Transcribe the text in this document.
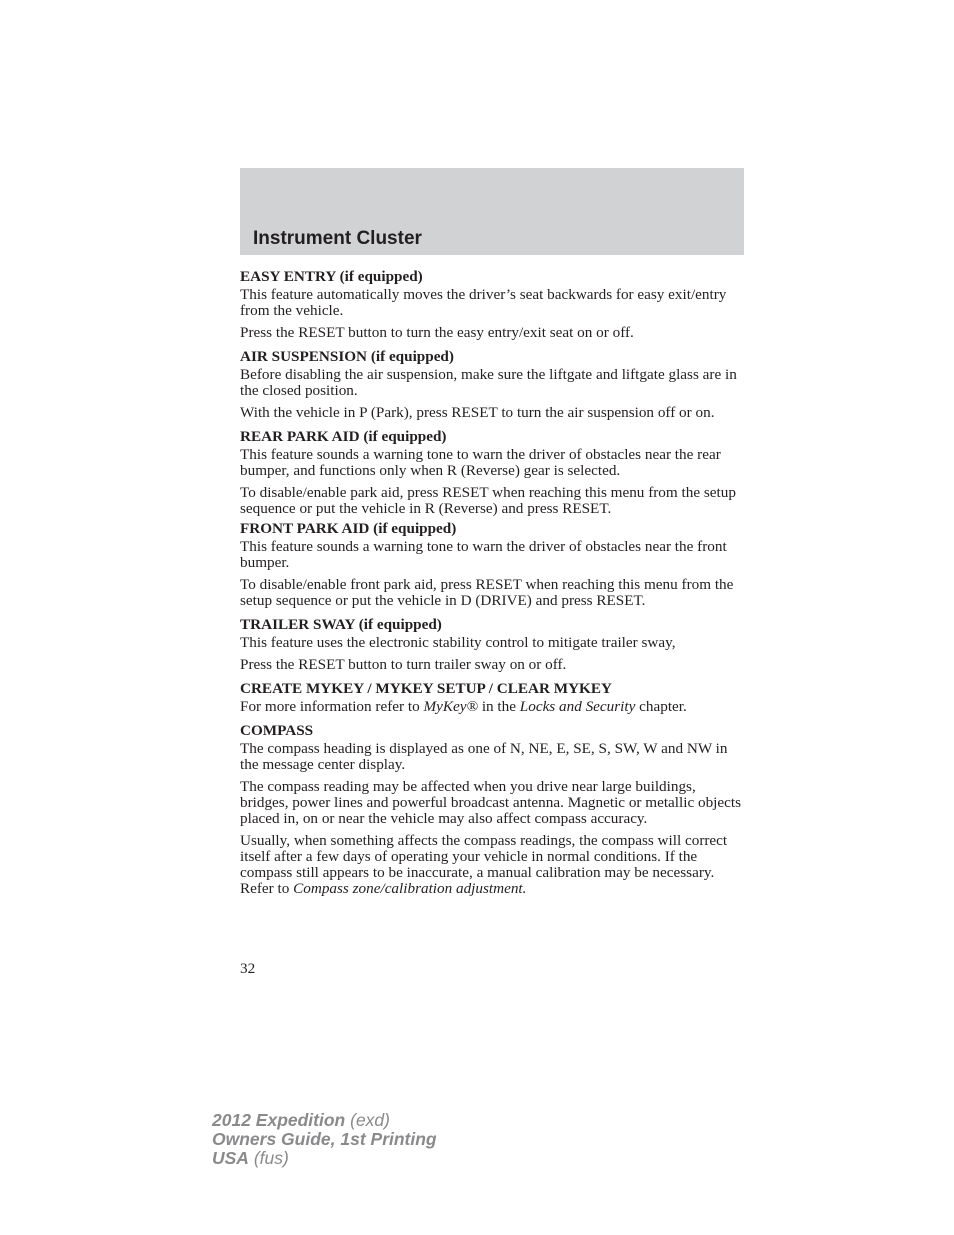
Instrument Cluster
EASY ENTRY (if equipped)

This feature automatically moves the driver’s seat backwards for easy exit/entry from the vehicle.

Press the RESET button to turn the easy entry/exit seat on or off.

AIR SUSPENSION (if equipped)

Before disabling the air suspension, make sure the liftgate and liftgate glass are in the closed position.

With the vehicle in P (Park), press RESET to turn the air suspension off or on.

REAR PARK AID (if equipped)

This feature sounds a warning tone to warn the driver of obstacles near the rear bumper, and functions only when R (Reverse) gear is selected.

To disable/enable park aid, press RESET when reaching this menu from the setup sequence or put the vehicle in R (Reverse) and press RESET.

FRONT PARK AID (if equipped)

This feature sounds a warning tone to warn the driver of obstacles near the front bumper.

To disable/enable front park aid, press RESET when reaching this menu from the setup sequence or put the vehicle in D (DRIVE) and press RESET.

TRAILER SWAY (if equipped)

This feature uses the electronic stability control to mitigate trailer sway,

Press the RESET button to turn trailer sway on or off.

CREATE MYKEY / MYKEY SETUP / CLEAR MYKEY

For more information refer to MyKey® in the Locks and Security chapter.

COMPASS

The compass heading is displayed as one of N, NE, E, SE, S, SW, W and NW in the message center display.

The compass reading may be affected when you drive near large buildings, bridges, power lines and powerful broadcast antenna. Magnetic or metallic objects placed in, on or near the vehicle may also affect compass accuracy.

Usually, when something affects the compass readings, the compass will correct itself after a few days of operating your vehicle in normal conditions. If the compass still appears to be inaccurate, a manual calibration may be necessary. Refer to Compass zone/calibration adjustment.

32
2012 Expedition (exd)
Owners Guide, 1st Printing
USA (fus)
